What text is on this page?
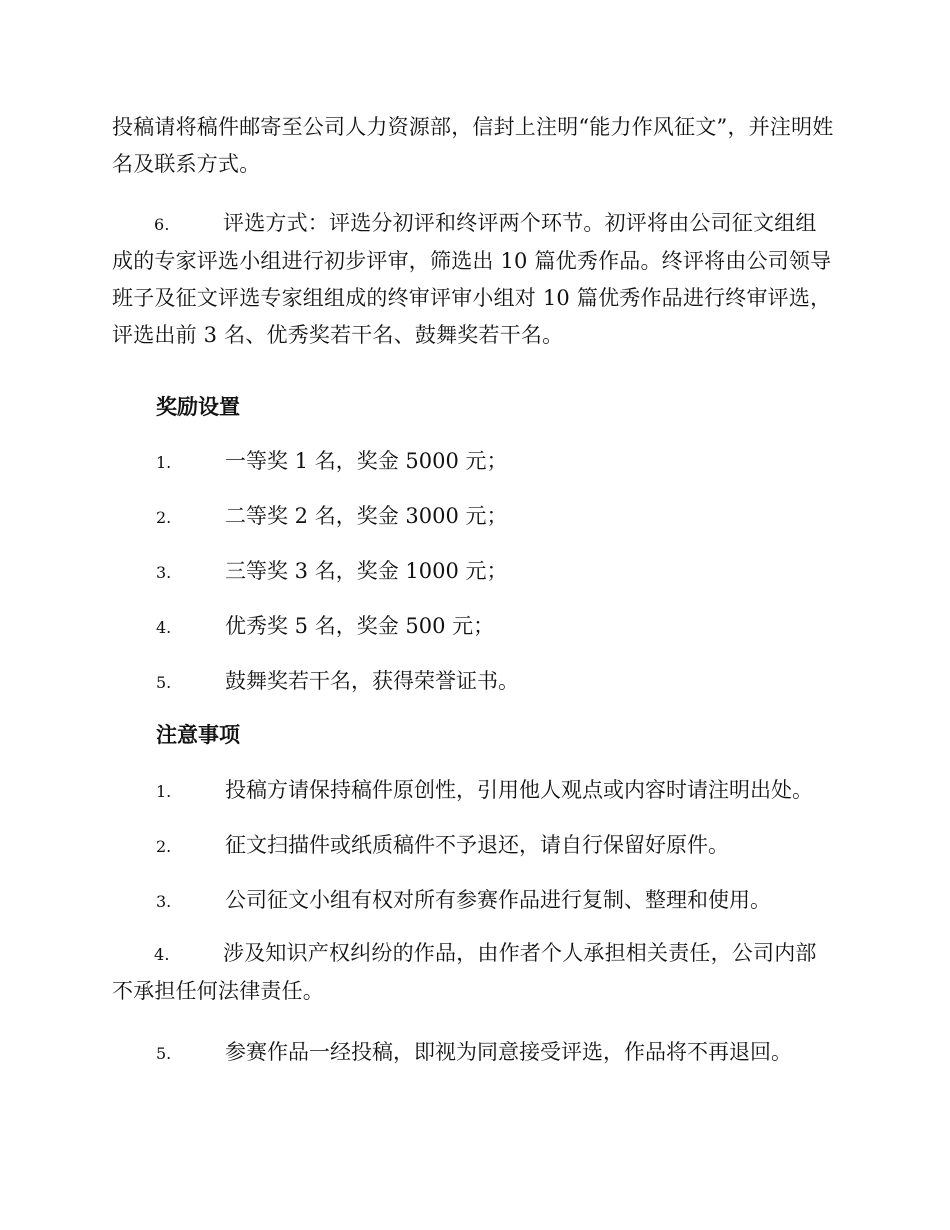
投稿请将稿件邮寄至公司人力资源部，信封上注明“能力作风征文”，并注明姓名及联系方式。
6.	评选方式：评选分初评和终评两个环节。初评将由公司征文组组成的专家评选小组进行初步评审，筛选出 10 篇优秀作品。终评将由公司领导班子及征文评选专家组组成的终审评审小组对 10 篇优秀作品进行终审评选，评选出前 3 名、优秀奖若干名、鼓舞奖若干名。
奖励设置
1.	一等奖 1 名，奖金 5000 元；
2.	二等奖 2 名，奖金 3000 元；
3.	三等奖 3 名，奖金 1000 元；
4.	优秀奖 5 名，奖金 500 元；
5.	鼓舞奖若干名，获得荣誉证书。
注意事项
1.	投稿方请保持稿件原创性，引用他人观点或内容时请注明出处。
2.	征文扫描件或纸质稿件不予退还，请自行保留好原件。
3.	公司征文小组有权对所有参赛作品进行复制、整理和使用。
4.	涉及知识产权纠纷的作品，由作者个人承担相关责任，公司内部不承担任何法律责任。
5.	参赛作品一经投稿，即视为同意接受评选，作品将不再退回。
